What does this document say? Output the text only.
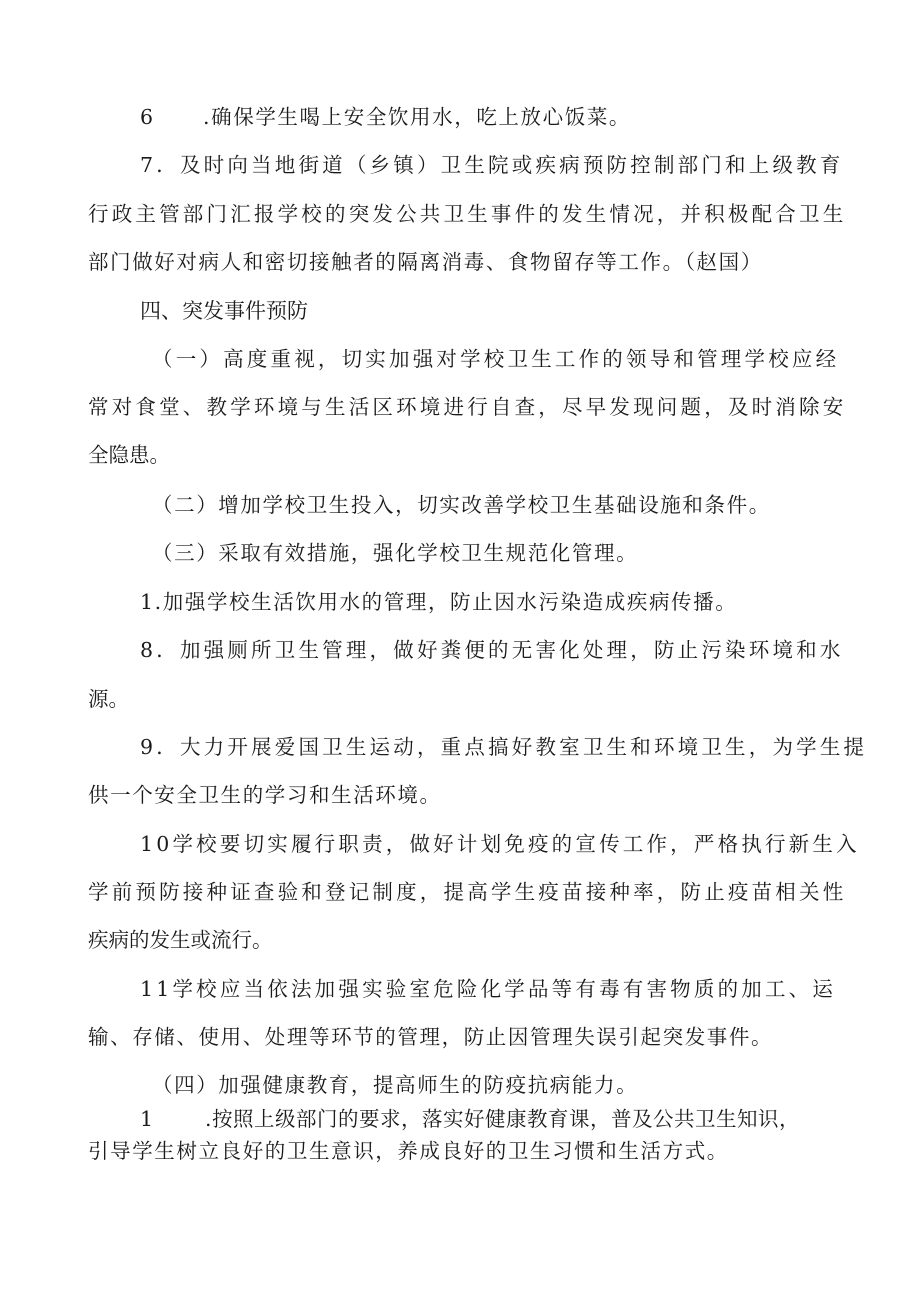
6 .确保学生喝上安全饮用水，吃上放心饭菜。
7．及时向当地街道（乡镇）卫生院或疾病预防控制部门和上级教育
行政主管部门汇报学校的突发公共卫生事件的发生情况，并积极配合卫生
部门做好对病人和密切接触者的隔离消毒、食物留存等工作。（赵国）
四、突发事件预防
（一）高度重视，切实加强对学校卫生工作的领导和管理学校应经
常对食堂、教学环境与生活区环境进行自查，尽早发现问题，及时消除安
全隐患。
（二）增加学校卫生投入，切实改善学校卫生基础设施和条件。
（三）采取有效措施，强化学校卫生规范化管理。
1.加强学校生活饮用水的管理，防止因水污染造成疾病传播。
8．加强厕所卫生管理，做好粪便的无害化处理，防止污染环境和水
源。
9．大力开展爱国卫生运动，重点搞好教室卫生和环境卫生，为学生提
供一个安全卫生的学习和生活环境。
10学校要切实履行职责，做好计划免疫的宣传工作，严格执行新生入
学前预防接种证查验和登记制度，提高学生疫苗接种率，防止疫苗相关性
疾病的发生或流行。
11学校应当依法加强实验室危险化学品等有毒有害物质的加工、运
输、存储、使用、处理等环节的管理，防止因管理失误引起突发事件。
（四）加强健康教育，提高师生的防疫抗病能力。
1	.按照上级部门的要求，落实好健康教育课，普及公共卫生知识，
引导学生树立良好的卫生意识，养成良好的卫生习惯和生活方式。
